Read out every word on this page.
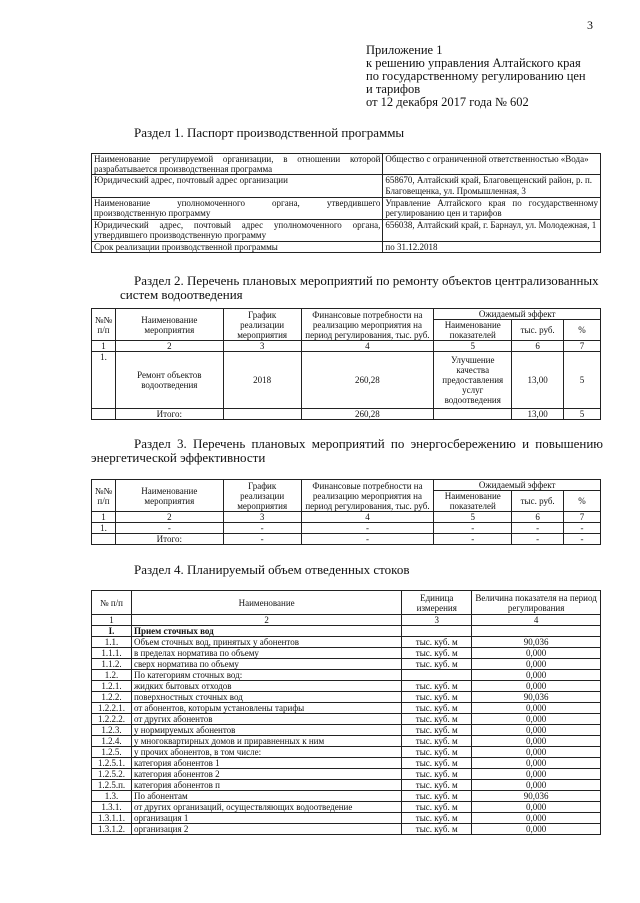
3
Приложение 1
к решению управления Алтайского края
по государственному регулированию цен
и тарифов
от 12 декабря 2017 года № 602
Раздел 1. Паспорт производственной программы
Наименование регулируемой организации, в отношении которой разрабатывается производственная программа	Общество с ограниченной ответственностью «Вода»
Юридический адрес, почтовый адрес организации	658670, Алтайский край, Благовещенский район, р. п. Благовещенка, ул. Промышленная, 3
Наименование уполномоченного органа, утвердившего производственную программу	Управление Алтайского края по государственному регулированию цен и тарифов
Юридический адрес, почтовый адрес уполномоченного органа, утвердившего производственную программу	656038, Алтайский край, г. Барнаул, ул. Молодежная, 1
Срок реализации производственной программы	по 31.12.2018
Раздел 2. Перечень плановых мероприятий по ремонту объектов централизованных систем водоотведения
№№ п/п	Наименование мероприятия	График реализации мероприятия	Финансовые потребности на реализацию мероприятия на период регулирования, тыс. руб.	Ожидаемый эффект		
				Наименование показателей	тыс. руб.	%
1	2	3	4	5	6	7
1.	Ремонт объектов водоотведения	2018	260,28	Улучшение качества предоставления услуг водоотведения	13,00	5
	Итого:		260,28		13,00	5
Раздел 3. Перечень плановых мероприятий по энергосбережению и повышению энергетической эффективности
№№ п/п	Наименование мероприятия	График реализации мероприятия	Финансовые потребности на реализацию мероприятия на период регулирования, тыс. руб.	Ожидаемый эффект		
				Наименование показателей	тыс. руб.	%
1	2	3	4	5	6	7
1.	-	-	-	-	-	-
	Итого:	-	-	-	-	-
Раздел 4. Планируемый объем отведенных стоков
№ п/п	Наименование	Единица измерения	Величина показателя на период регулирования
1	2	3	4
I.	Прием сточных вод		
1.1.	Объем сточных вод, принятых у абонентов	тыс. куб. м	90,036
1.1.1.	в пределах норматива по объему	тыс. куб. м	0,000
1.1.2.	сверх норматива по объему	тыс. куб. м	0,000
1.2.	По категориям сточных вод:		0,000
1.2.1.	жидких бытовых отходов	тыс. куб. м	0,000
1.2.2.	поверхностных сточных вод	тыс. куб. м	90,036
1.2.2.1.	от абонентов, которым установлены тарифы	тыс. куб. м	0,000
1.2.2.2.	от других абонентов	тыс. куб. м	0,000
1.2.3.	у нормируемых абонентов	тыс. куб. м	0,000
1.2.4.	у многоквартирных домов и приравненных к ним	тыс. куб. м	0,000
1.2.5.	у прочих абонентов, в том числе:	тыс. куб. м	0,000
1.2.5.1.	категория абонентов 1	тыс. куб. м	0,000
1.2.5.2.	категория абонентов 2	тыс. куб. м	0,000
1.2.5.п.	категория абонентов п	тыс. куб. м	0,000
1.3.	По абонентам	тыс. куб. м	90,036
1.3.1.	от других организаций, осуществляющих водоотведение	тыс. куб. м	0,000
1.3.1.1.	организация 1	тыс. куб. м	0,000
1.3.1.2.	организация 2	тыс. куб. м	0,000
